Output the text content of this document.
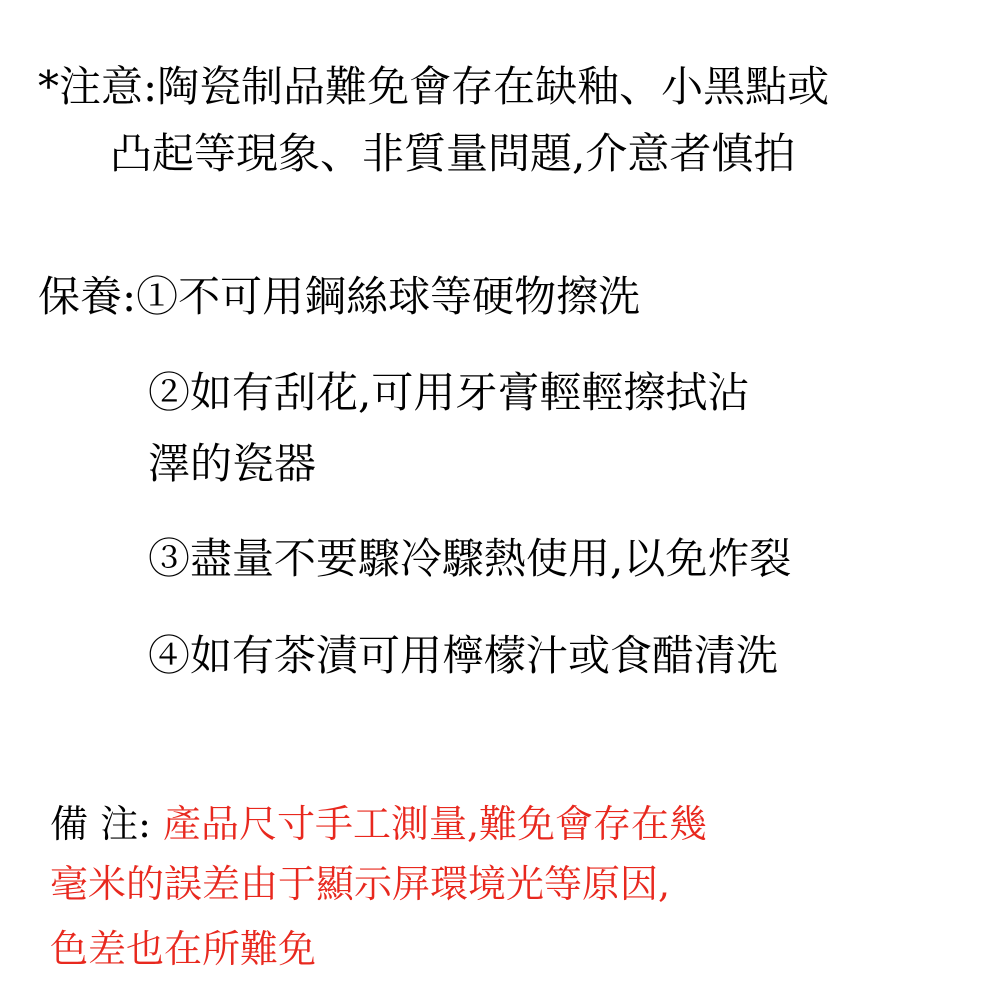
*注意:陶瓷制品難免會存在缺釉、小黑點或
凸起等現象、非質量問題,介意者慎拍
保養:①不可用鋼絲球等硬物擦洗
②如有刮花,可用牙膏輕輕擦拭沾
澤的瓷器
③盡量不要驟冷驟熱使用,以免炸裂
④如有茶漬可用檸檬汁或食醋清洗
備 注: 產品尺寸手工測量,難免會存在幾
毫米的誤差由于顯示屏環境光等原因,
色差也在所難免
